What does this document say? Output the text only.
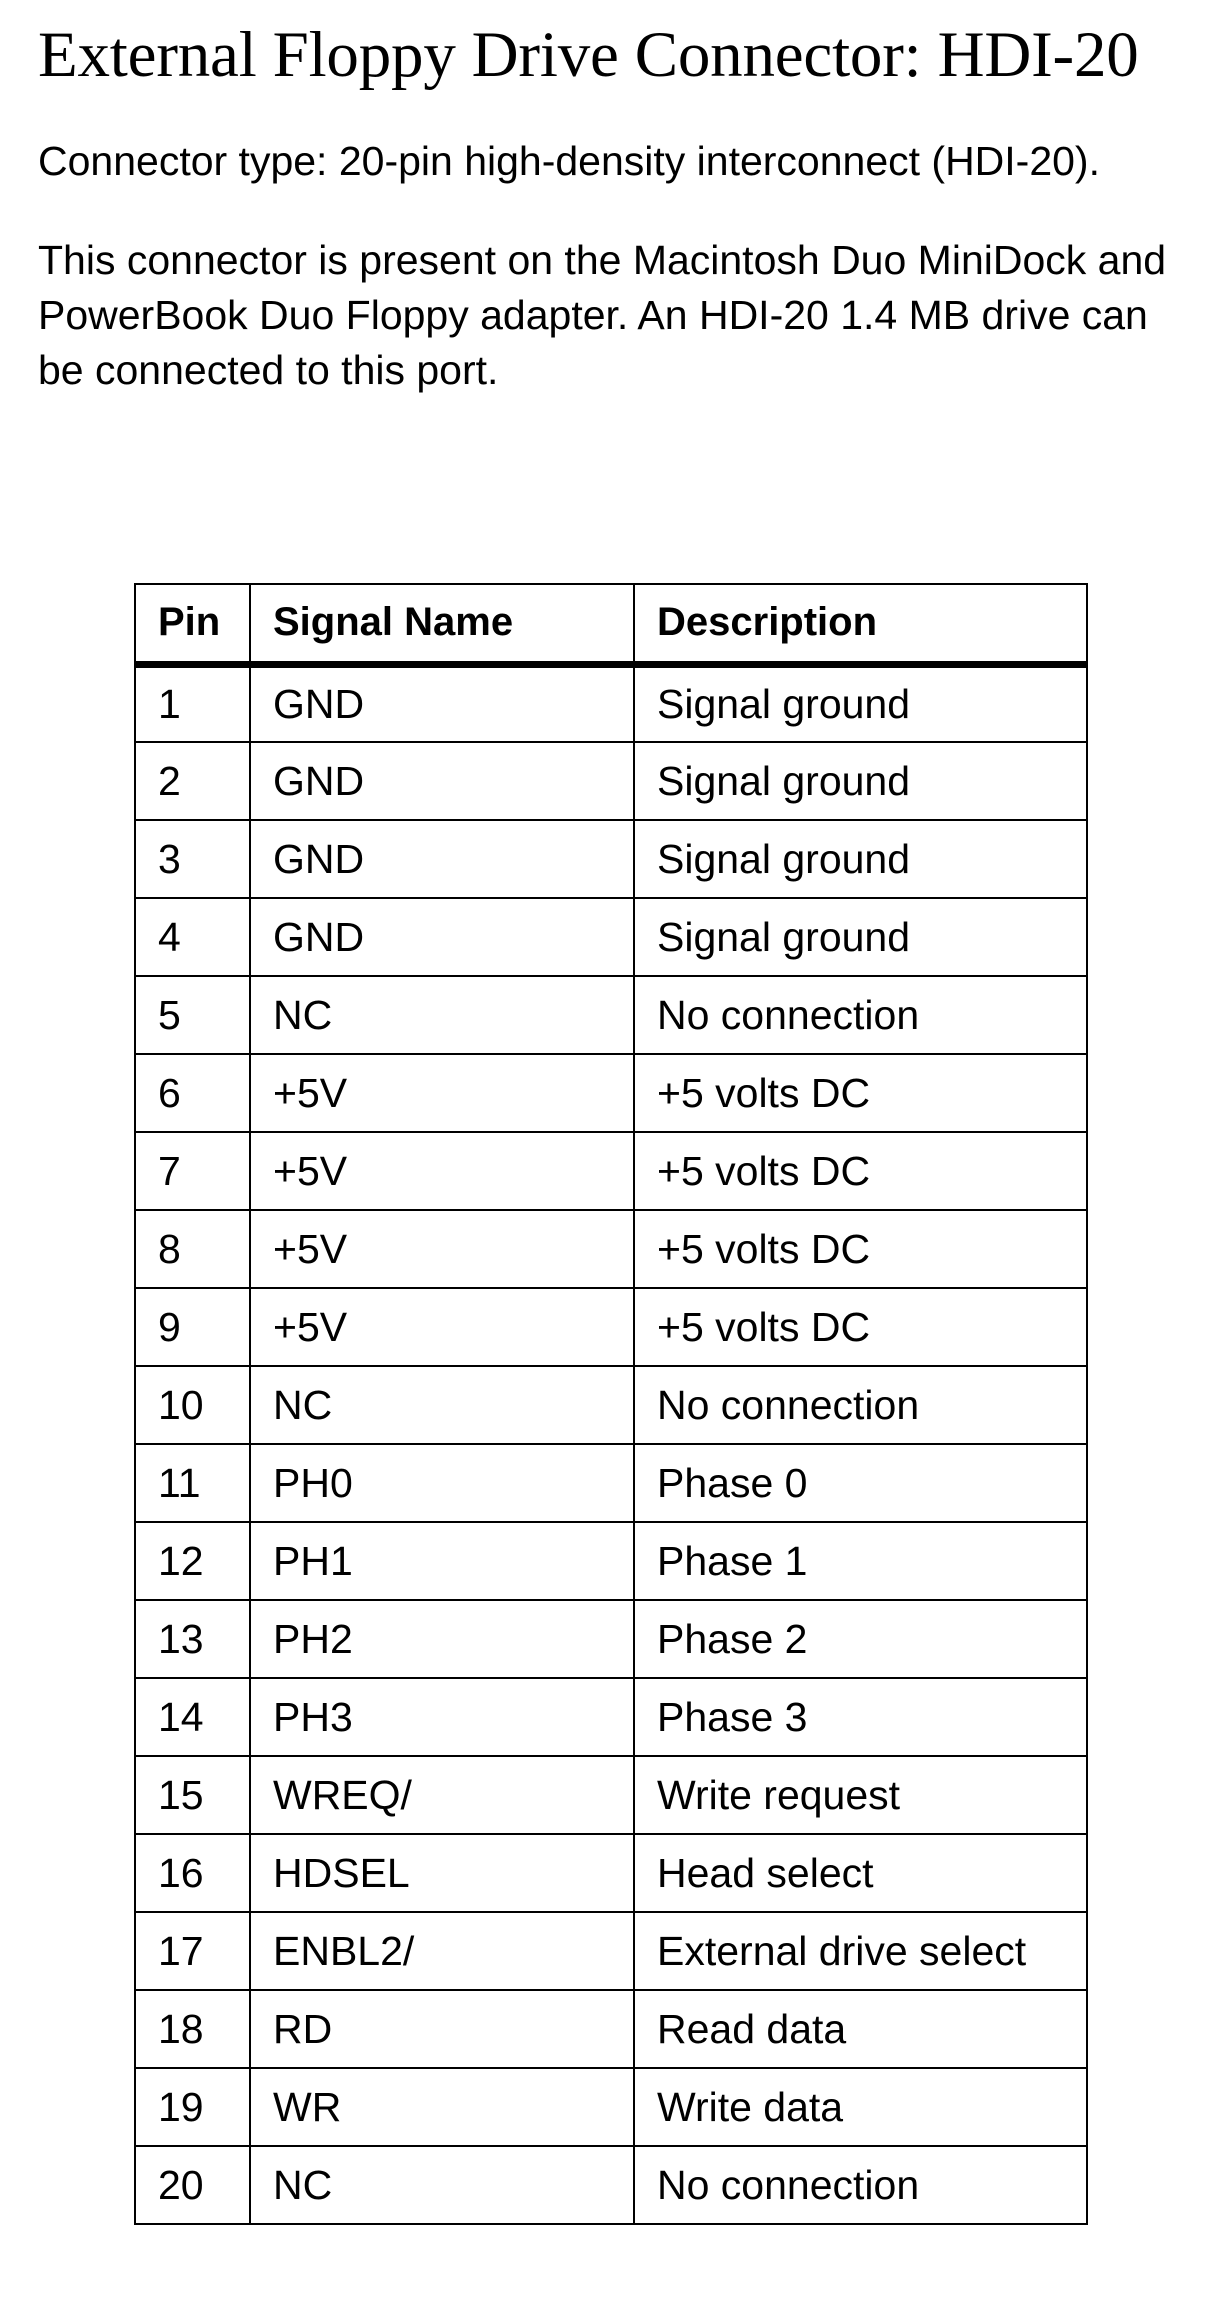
External Floppy Drive Connector: HDI-20

Connector type: 20-pin high-density interconnect (HDI-20).

This connector is present on the Macintosh Duo MiniDock and PowerBook Duo Floppy adapter. An HDI-20 1.4 MB drive can be connected to this port.

Pin	Signal Name	Description
1	GND	Signal ground
2	GND	Signal ground
3	GND	Signal ground
4	GND	Signal ground
5	NC	No connection
6	+5V	+5 volts DC
7	+5V	+5 volts DC
8	+5V	+5 volts DC
9	+5V	+5 volts DC
10	NC	No connection
11	PH0	Phase 0
12	PH1	Phase 1
13	PH2	Phase 2
14	PH3	Phase 3
15	WREQ/	Write request
16	HDSEL	Head select
17	ENBL2/	External drive select
18	RD	Read data
19	WR	Write data
20	NC	No connection
